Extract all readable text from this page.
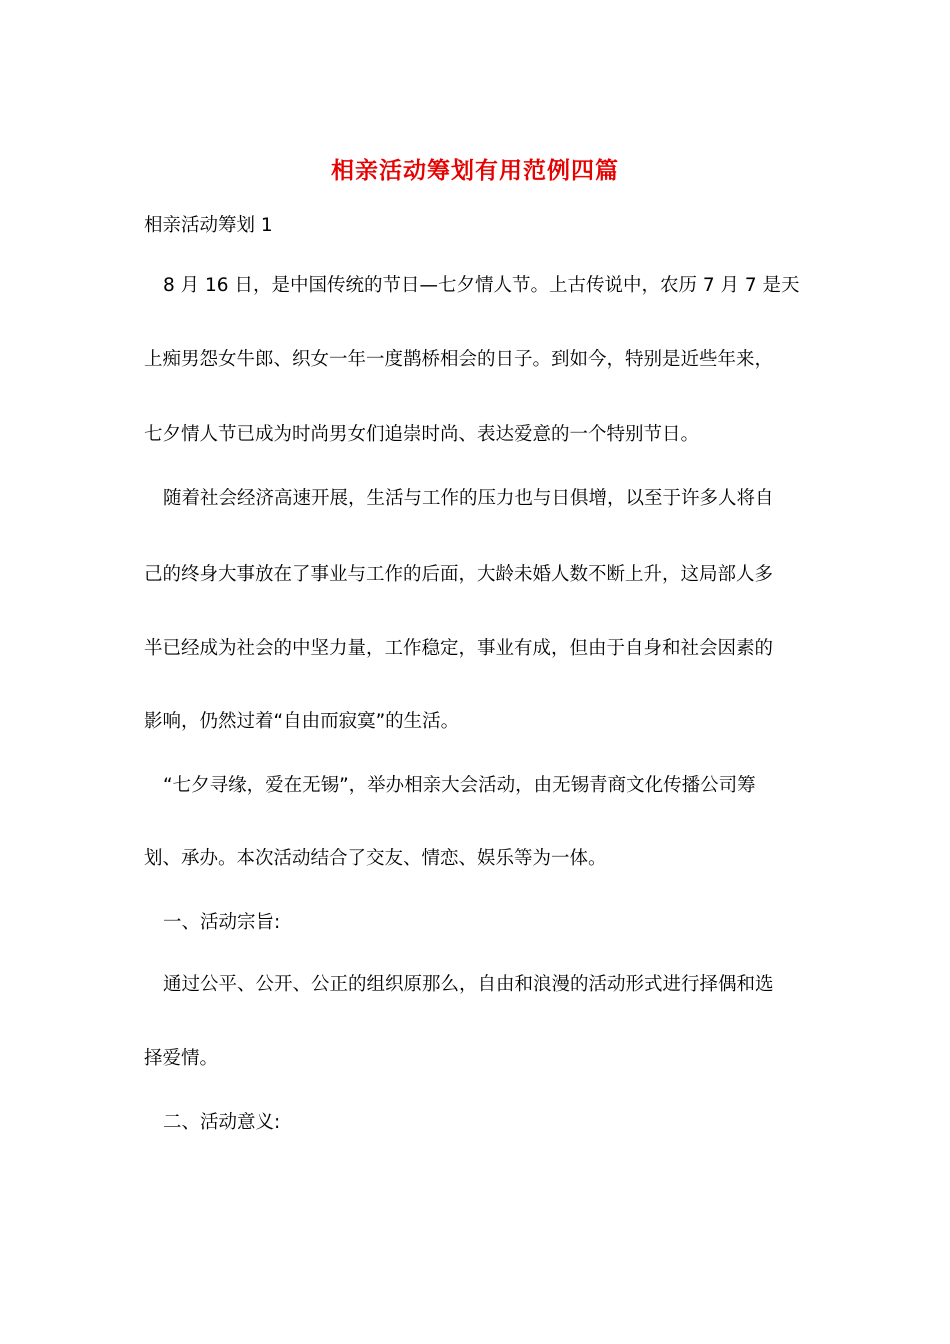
相亲活动筹划有用范例四篇

相亲活动筹划 1

8 月 16 日，是中国传统的节日—七夕情人节。上古传说中，农历 7 月 7 是天

上痴男怨女牛郎、织女一年一度鹊桥相会的日子。到如今，特别是近些年来，

七夕情人节已成为时尚男女们追崇时尚、表达爱意的一个特别节日。

随着社会经济高速开展，生活与工作的压力也与日俱增，以至于许多人将自

己的终身大事放在了事业与工作的后面，大龄未婚人数不断上升，这局部人多

半已经成为社会的中坚力量，工作稳定，事业有成，但由于自身和社会因素的

影响，仍然过着“自由而寂寞”的生活。

“七夕寻缘，爱在无锡”，举办相亲大会活动，由无锡青商文化传播公司筹

划、承办。本次活动结合了交友、情恋、娱乐等为一体。

一、活动宗旨:

通过公平、公开、公正的组织原那么，自由和浪漫的活动形式进行择偶和选

择爱情。

二、活动意义:
